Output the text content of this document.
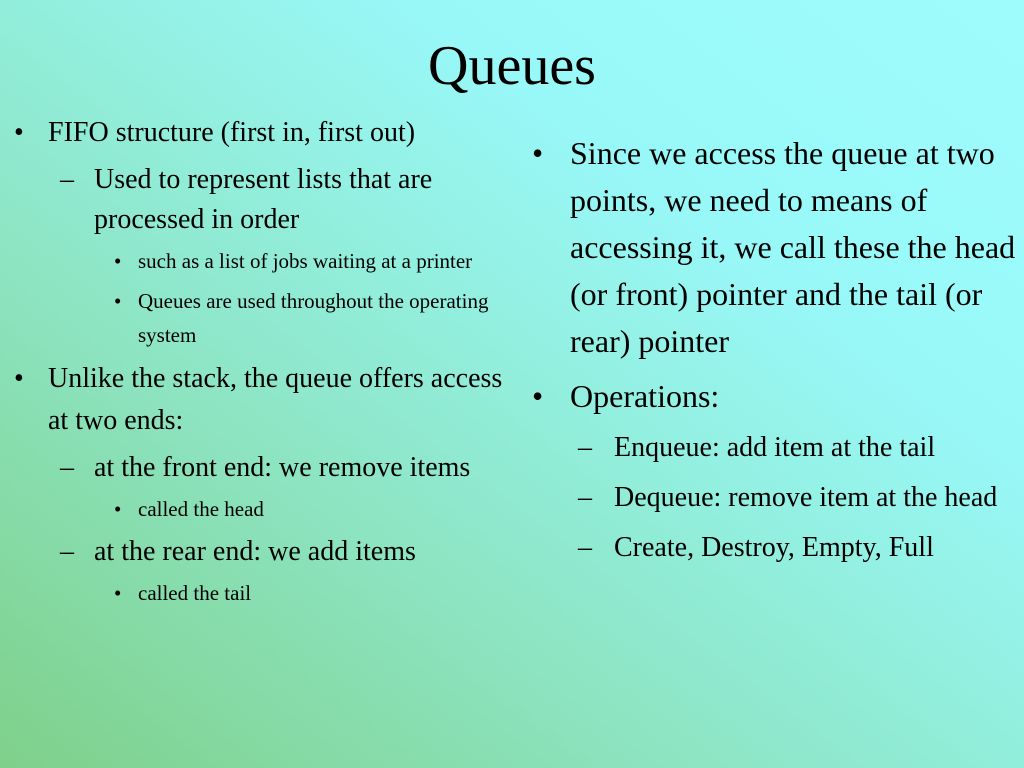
Queues
• FIFO structure (first in, first out)
– Used to represent lists that are processed in order
• such as a list of jobs waiting at a printer
• Queues are used throughout the operating system
• Unlike the stack, the queue offers access at two ends:
– at the front end: we remove items
• called the head
– at the rear end: we add items
• called the tail
• Since we access the queue at two points, we need to means of accessing it, we call these the head (or front) pointer and the tail (or rear) pointer
• Operations:
– Enqueue: add item at the tail
– Dequeue: remove item at the head
– Create, Destroy, Empty, Full
